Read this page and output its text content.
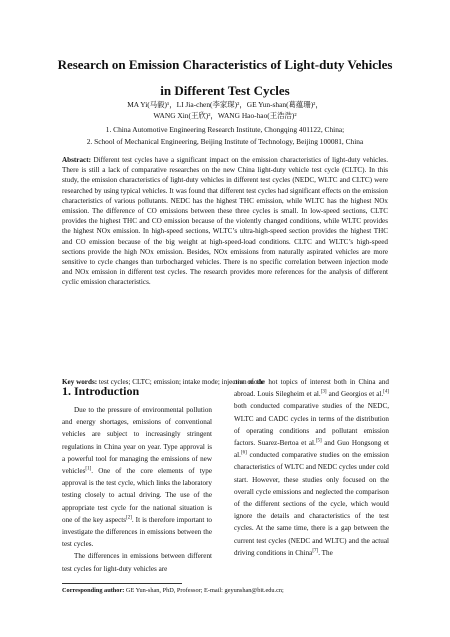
Research on Emission Characteristics of Light-duty Vehicles
in Different Test Cycles
MA Yi(马毅)¹，LI Jia-chen(李家琛)²，GE Yun-shan(葛蕴珊)²，
WANG Xin(王欣)²，WANG Hao-hao(王浩浩)²
1. China Automotive Engineering Research Institute, Chongqing 401122, China;
2. School of Mechanical Engineering, Beijing Institute of Technology, Beijing 100081, China

Abstract: Different test cycles have a significant impact on the emission characteristics of light-duty vehicles. There is still a lack of comparative researches on the new China light-duty vehicle test cycle (CLTC). In this study, the emission characteristics of light-duty vehicles in different test cycles (NEDC, WLTC and CLTC) were researched by using typical vehicles. It was found that different test cycles had significant effects on the emission characteristics of various pollutants. NEDC has the highest THC emission, while WLTC has the highest NOx emission. The difference of CO emissions between these three cycles is small. In low-speed sections, CLTC provides the highest THC and CO emission because of the violently changed conditions, while WLTC provides the highest NOx emission. In high-speed sections, WLTC’s ultra-high-speed section provides the highest THC and CO emission because of the big weight at high-speed-load conditions. CLTC and WLTC’s high-speed sections provide the high NOx emission. Besides, NOx emissions from naturally aspirated vehicles are more sensitive to cycle changes than turbocharged vehicles. There is no specific correlation between injection mode and NOx emission in different test cycles. The research provides more references for the analysis of different cyclic emission characteristics.

Key words: test cycles; CLTC; emission; intake mode; injection mode

1. Introduction

Due to the pressure of environmental pollution and energy shortages, emissions of conventional vehicles are subject to increasingly stringent regulations in China year on year. Type approval is a powerful tool for managing the emissions of new vehicles[1]. One of the core elements of type approval is the test cycle, which links the laboratory testing closely to actual driving. The use of the appropriate test cycle for the national situation is one of the key aspects[2]. It is therefore important to investigate the differences in emissions between the test cycles.

The differences in emissions between different test cycles for light-duty vehicles are

one of the hot topics of interest both in China and abroad. Louis Silegheim et al.[3] and Georgios et al.[4] both conducted comparative studies of the NEDC, WLTC and CADC cycles in terms of the distribution of operating conditions and pollutant emission factors. Suarez-Bertoa et al.[5] and Guo Hongsong et al.[6] conducted comparative studies on the emission characteristics of WLTC and NEDC cycles under cold start. However, these studies only focused on the overall cycle emissions and neglected the comparison of the different sections of the cycle, which would ignore the details and characteristics of the test cycles. At the same time, there is a gap between the current test cycles (NEDC and WLTC) and the actual driving conditions in China[7]. The

Corresponding author: GE Yun-shan, PhD, Professor; E-mail: geyunshan@bit.edu.cn;
